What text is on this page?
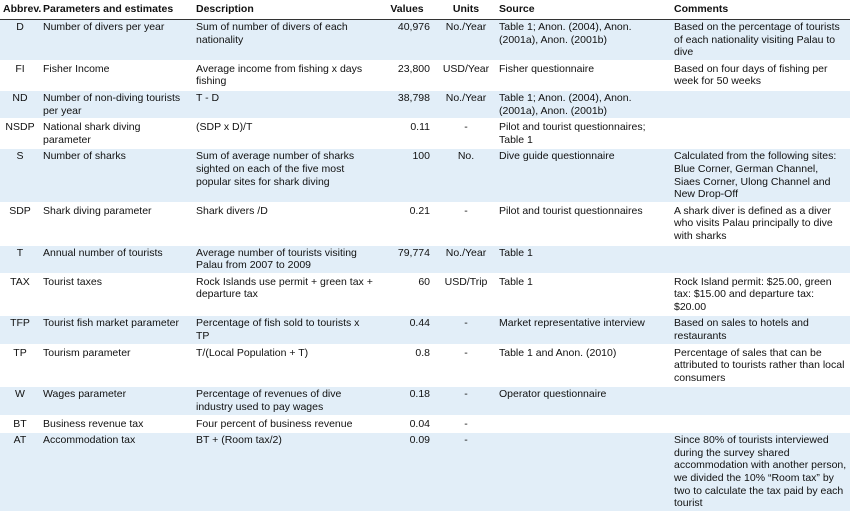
Abbrev.	Parameters and estimates	Description	Values	Units	Source	Comments
D	Number of divers per year	Sum of number of divers of each nationality	40,976	No./Year	Table 1; Anon. (2004), Anon. (2001a), Anon. (2001b)	Based on the percentage of tourists of each nationality visiting Palau to dive
FI	Fisher Income	Average income from fishing x days fishing	23,800	USD/Year	Fisher questionnaire	Based on four days of fishing per week for 50 weeks
ND	Number of non-diving tourists per year	T - D	38,798	No./Year	Table 1; Anon. (2004), Anon. (2001a), Anon. (2001b)	
NSDP	National shark diving parameter	(SDP x D)/T	0.11	-	Pilot and tourist questionnaires; Table 1	
S	Number of sharks	Sum of average number of sharks sighted on each of the five most popular sites for shark diving	100	No.	Dive guide questionnaire	Calculated from the following sites: Blue Corner, German Channel, Siaes Corner, Ulong Channel and New Drop-Off
SDP	Shark diving parameter	Shark divers /D	0.21	-	Pilot and tourist questionnaires	A shark diver is defined as a diver who visits Palau principally to dive with sharks
T	Annual number of tourists	Average number of tourists visiting Palau from 2007 to 2009	79,774	No./Year	Table 1	
TAX	Tourist taxes	Rock Islands use permit + green tax + departure tax	60	USD/Trip	Table 1	Rock Island permit: $25.00, green tax: $15.00 and departure tax: $20.00
TFP	Tourist fish market parameter	Percentage of fish sold to tourists x TP	0.44	-	Market representative interview	Based on sales to hotels and restaurants
TP	Tourism parameter	T/(Local Population + T)	0.8	-	Table 1 and Anon. (2010)	Percentage of sales that can be attributed to tourists rather than local consumers
W	Wages parameter	Percentage of revenues of dive industry used to pay wages	0.18	-	Operator questionnaire	
BT	Business revenue tax	Four percent of business revenue	0.04	-		
AT	Accommodation tax	BT + (Room tax/2)	0.09	-		Since 80% of tourists interviewed during the survey shared accommodation with another person, we divided the 10% “Room tax” by two to calculate the tax paid by each tourist
